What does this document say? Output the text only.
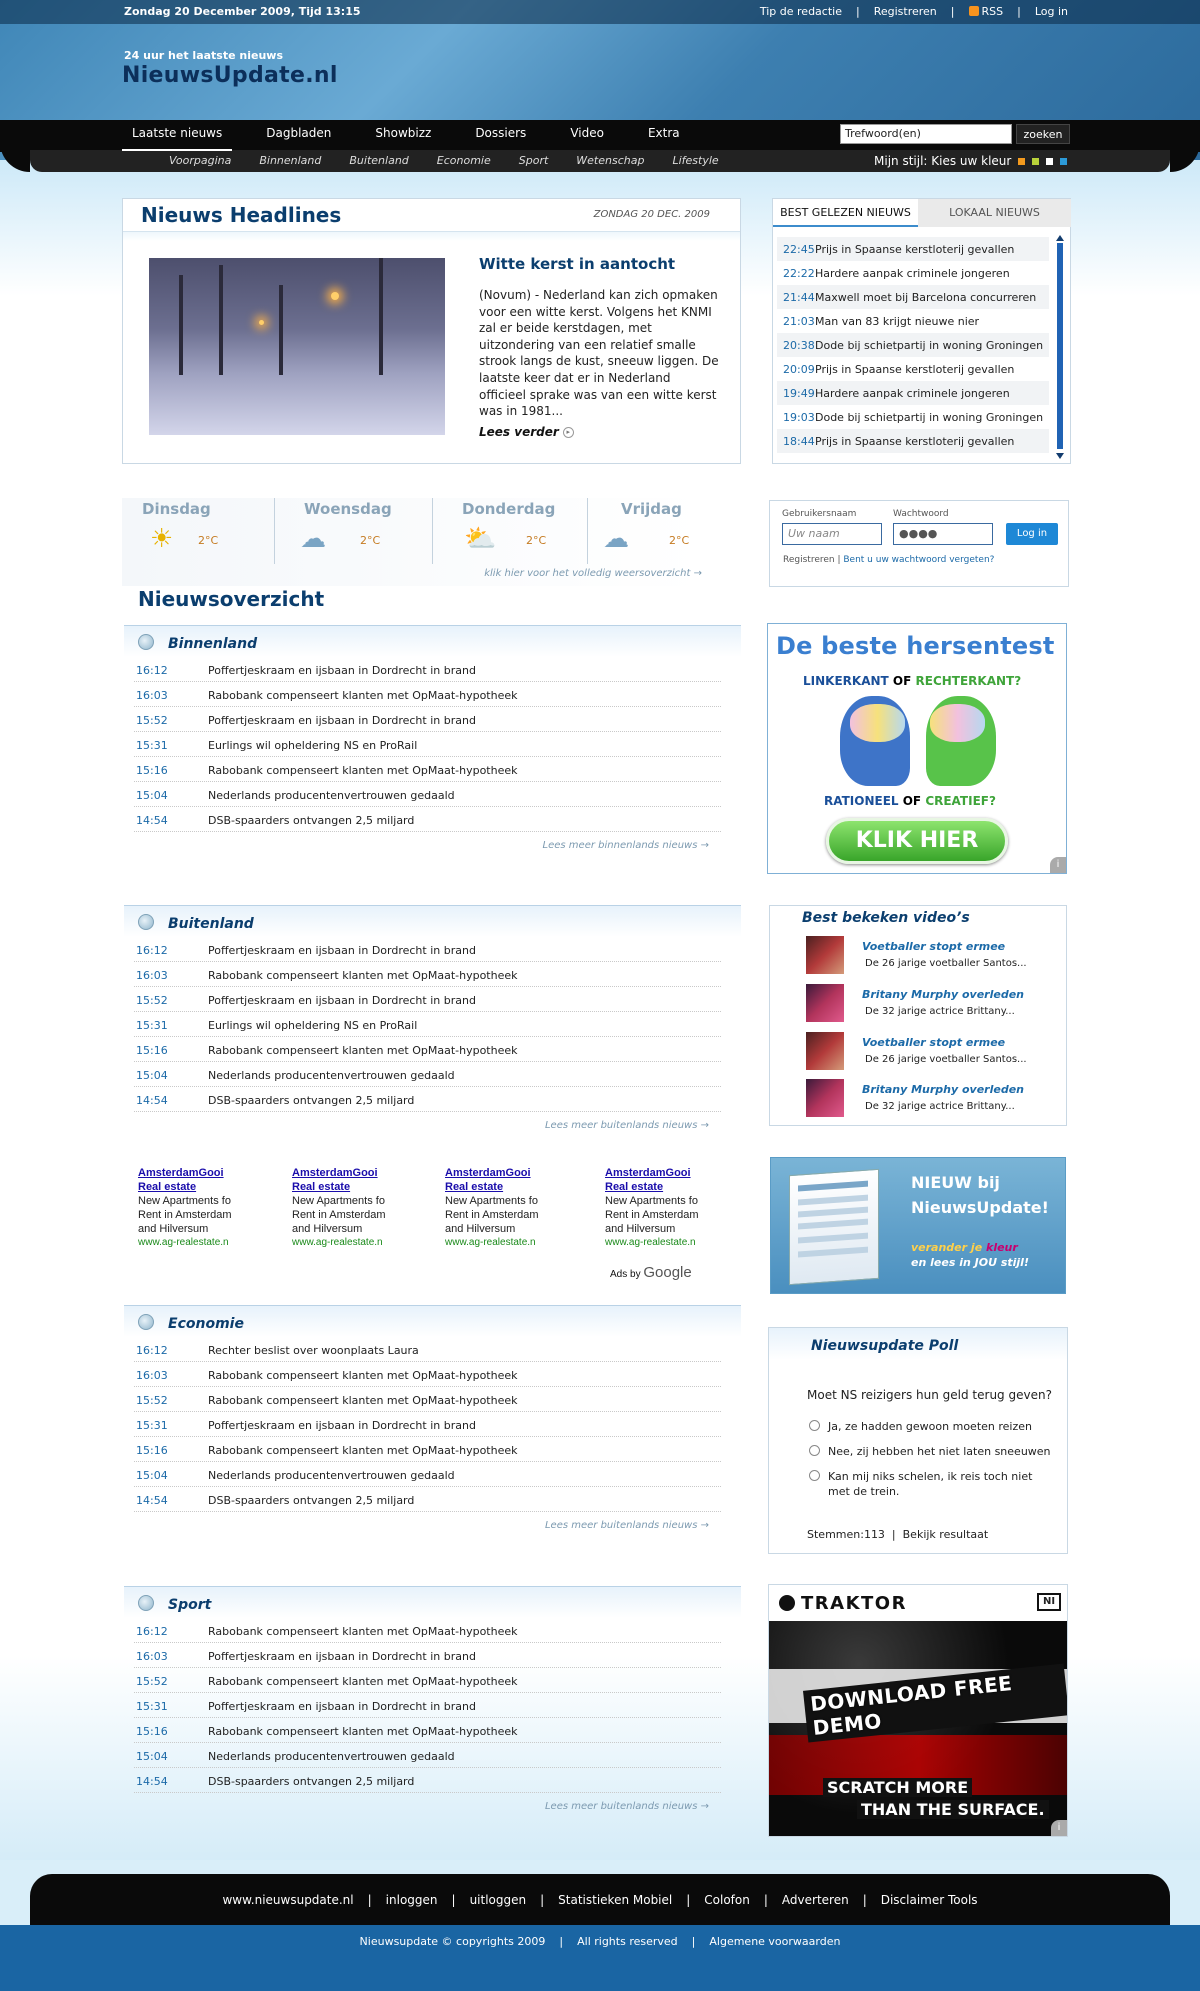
Zondag 20 December 2009, Tijd 13:15	Tip de redactie | Registreren |	RSS | Log in
24 uur het laatste nieuws
NieuwsUpdate.nl
Laatste nieuws	Dagbladen	Showbizz	Dossiers	Video	Extra	Trefwoord(en)	zoeken
Voorpagina	Binnenland	Buitenland	Economie	Sport	Wetenschap	Lifestyle	Mijn stijl: Kies uw kleur
Nieuws Headlines	ZONDAG 20 DEC. 2009
Witte kerst in aantocht
(Novum) - Nederland kan zich opmaken voor een witte kerst. Volgens het KNMI zal er beide kerstdagen, met uitzondering van een relatief smalle strook langs de kust, sneeuw liggen. De laatste keer dat er in Nederland officieel sprake was van een witte kerst was in 1981...
Lees verder ▸
BEST GELEZEN NIEUWS	LOKAAL NIEUWS
22:45 Prijs in Spaanse kerstloterij gevallen
22:22 Hardere aanpak criminele jongeren
21:44 Maxwell moet bij Barcelona concurreren
21:03 Man van 83 krijgt nieuwe nier
20:38 Dode bij schietpartij in woning Groningen
20:09 Prijs in Spaanse kerstloterij gevallen
19:49 Hardere aanpak criminele jongeren
19:03 Dode bij schietpartij in woning Groningen
18:44 Prijs in Spaanse kerstloterij gevallen
Dinsdag
☀ 2°C
Woensdag
☁	2°C
Donderdag
⛅	2°C
Vrijdag
☁	2°C
klik hier voor het volledig weersoverzicht →
Nieuwsoverzicht
Binnenland
16:12	Poffertjeskraam en ijsbaan in Dordrecht in brand
16:03	Rabobank compenseert klanten met OpMaat-hypotheek
15:52	Poffertjeskraam en ijsbaan in Dordrecht in brand
15:31	Eurlings wil opheldering NS en ProRail
15:16	Rabobank compenseert klanten met OpMaat-hypotheek
15:04	Nederlands producentenvertrouwen gedaald
14:54	DSB-spaarders ontvangen 2,5 miljard
Lees meer binnenlands nieuws →
Buitenland
16:12	Poffertjeskraam en ijsbaan in Dordrecht in brand
16:03	Rabobank compenseert klanten met OpMaat-hypotheek
15:52	Poffertjeskraam en ijsbaan in Dordrecht in brand
15:31	Eurlings wil opheldering NS en ProRail
15:16	Rabobank compenseert klanten met OpMaat-hypotheek
15:04	Nederlands producentenvertrouwen gedaald
14:54	DSB-spaarders ontvangen 2,5 miljard
Lees meer buitenlands nieuws →
AmsterdamGooi
Real estate
New Apartments fo
Rent in Amsterdam
and Hilversum
www.ag-realestate.n
AmsterdamGooi
Real estate
New Apartments fo
Rent in Amsterdam
and Hilversum
www.ag-realestate.n
AmsterdamGooi
Real estate
New Apartments fo
Rent in Amsterdam
and Hilversum
www.ag-realestate.n
AmsterdamGooi
Real estate
New Apartments fo
Rent in Amsterdam
and Hilversum
www.ag-realestate.n
Ads by Google
Economie
16:12	Rechter beslist over woonplaats Laura
16:03	Rabobank compenseert klanten met OpMaat-hypotheek
15:52	Rabobank compenseert klanten met OpMaat-hypotheek
15:31	Poffertjeskraam en ijsbaan in Dordrecht in brand
15:16	Rabobank compenseert klanten met OpMaat-hypotheek
15:04	Nederlands producentenvertrouwen gedaald
14:54	DSB-spaarders ontvangen 2,5 miljard
Lees meer buitenlands nieuws →
Sport
16:12	Rabobank compenseert klanten met OpMaat-hypotheek
16:03	Poffertjeskraam en ijsbaan in Dordrecht in brand
15:52	Rabobank compenseert klanten met OpMaat-hypotheek
15:31	Poffertjeskraam en ijsbaan in Dordrecht in brand
15:16	Rabobank compenseert klanten met OpMaat-hypotheek
15:04	Nederlands producentenvertrouwen gedaald
14:54	DSB-spaarders ontvangen 2,5 miljard
Lees meer buitenlands nieuws →
Gebruikersnaam	Wachtwoord
Uw naam	●●●●	Log in
Registreren | Bent u uw wachtwoord vergeten?
De beste hersentest
LINKERKANT OF RECHTERKANT?
RATIONEEL OF CREATIEF?
KLIK HIER
i
Best bekeken video’s
Voetballer stopt ermee
De 26 jarige voetballer Santos...
Britany Murphy overleden
De 32 jarige actrice Brittany...
Voetballer stopt ermee
De 26 jarige voetballer Santos...
Britany Murphy overleden
De 32 jarige actrice Brittany...
NIEUW bij
NieuwsUpdate!
verander je kleur
en lees in JOU stijl!
Nieuwsupdate Poll
Moet NS reizigers hun geld terug geven?
Ja, ze hadden gewoon moeten reizen
Nee, zij hebben het niet laten sneeuwen
Kan mij niks schelen, ik reis toch niet met de trein.
Stemmen:113  |  Bekijk resultaat
TRAKTOR	NI
DOWNLOAD FREE DEMO
SCRATCH MORE
THAN THE SURFACE.
i
www.nieuwsupdate.nl | inloggen | uitloggen | Statistieken Mobiel | Colofon | Adverteren | Disclaimer Tools
Nieuwsupdate © copyrights 2009 | All rights reserved | Algemene voorwaarden
